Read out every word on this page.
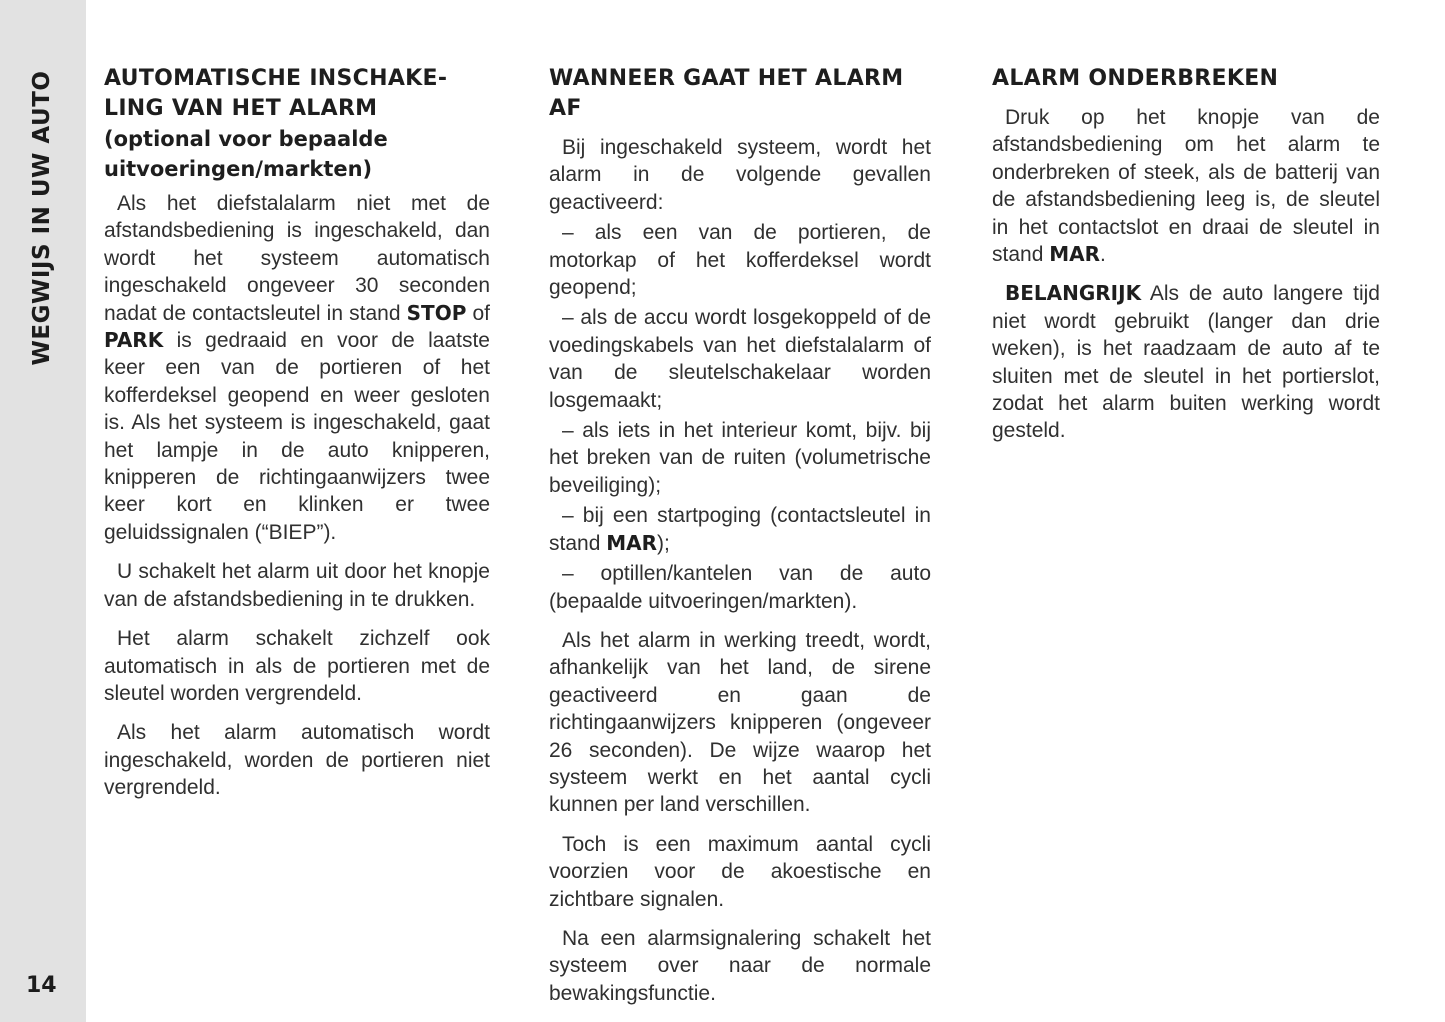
WEGWIJS IN UW AUTO
14
AUTOMATISCHE INSCHAKE-
LING VAN HET ALARM
(optional voor bepaalde
uitvoeringen/markten)

Als het diefstalalarm niet met de afstandsbediening is ingeschakeld, dan wordt het systeem automatisch ingeschakeld ongeveer 30 seconden nadat de contactsleutel in stand STOP of PARK is gedraaid en voor de laatste keer een van de portieren of het kofferdeksel geopend en weer gesloten is. Als het systeem is ingeschakeld, gaat het lampje in de auto knipperen, knipperen de richtingaanwijzers twee keer kort en klinken er twee geluidssignalen (“BIEP”).

U schakelt het alarm uit door het knopje van de afstandsbediening in te drukken.

Het alarm schakelt zichzelf ook automatisch in als de portieren met de sleutel worden vergrendeld.

Als het alarm automatisch wordt ingeschakeld, worden de portieren niet vergrendeld.

WANNEER GAAT HET ALARM
AF

Bij ingeschakeld systeem, wordt het alarm in de volgende gevallen geactiveerd:

– als een van de portieren, de motorkap of het kofferdeksel wordt geopend;

– als de accu wordt losgekoppeld of de voedingskabels van het diefstalalarm of van de sleutelschakelaar worden losgemaakt;

– als iets in het interieur komt, bijv. bij het breken van de ruiten (volumetrische beveiliging);

– bij een startpoging (contactsleutel in stand MAR);

– optillen/kantelen van de auto (bepaalde uitvoeringen/markten).

Als het alarm in werking treedt, wordt, afhankelijk van het land, de sirene geactiveerd en gaan de richtingaanwijzers knipperen (ongeveer 26 seconden). De wijze waarop het systeem werkt en het aantal cycli kunnen per land verschillen.

Toch is een maximum aantal cycli voorzien voor de akoestische en zichtbare signalen.

Na een alarmsignalering schakelt het systeem over naar de normale bewakingsfunctie.

ALARM ONDERBREKEN

Druk op het knopje van de afstandsbediening om het alarm te onderbreken of steek, als de batterij van de afstandsbediening leeg is, de sleutel in het contactslot en draai de sleutel in stand MAR.

BELANGRIJK Als de auto langere tijd niet wordt gebruikt (langer dan drie weken), is het raadzaam de auto af te sluiten met de sleutel in het portierslot, zodat het alarm buiten werking wordt gesteld.
